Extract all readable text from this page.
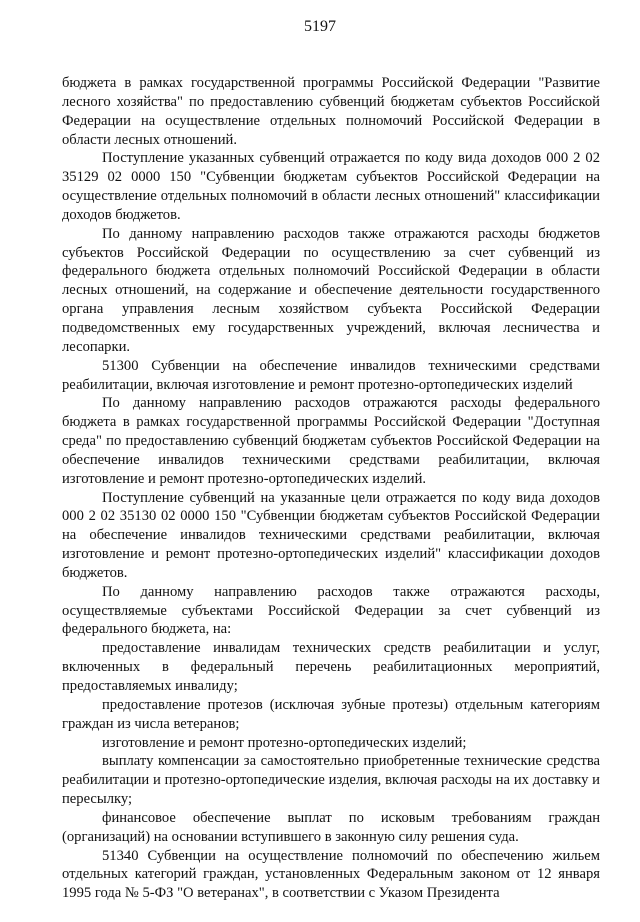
5197

бюджета в рамках государственной программы Российской Федерации "Развитие лесного хозяйства" по предоставлению субвенций бюджетам субъектов Российской Федерации на осуществление отдельных полномочий Российской Федерации в области лесных отношений.

Поступление указанных субвенций отражается по коду вида доходов 000 2 02 35129 02 0000 150 "Субвенции бюджетам субъектов Российской Федерации на осуществление отдельных полномочий в области лесных отношений" классификации доходов бюджетов.

По данному направлению расходов также отражаются расходы бюджетов субъектов Российской Федерации по осуществлению за счет субвенций из федерального бюджета отдельных полномочий Российской Федерации в области лесных отношений, на содержание и обеспечение деятельности государственного органа управления лесным хозяйством субъекта Российской Федерации подведомственных ему государственных учреждений, включая лесничества и лесопарки.

51300 Субвенции на обеспечение инвалидов техническими средствами реабилитации, включая изготовление и ремонт протезно-ортопедических изделий

По данному направлению расходов отражаются расходы федерального бюджета в рамках государственной программы Российской Федерации "Доступная среда" по предоставлению субвенций бюджетам субъектов Российской Федерации на обеспечение инвалидов техническими средствами реабилитации, включая изготовление и ремонт протезно-ортопедических изделий.

Поступление субвенций на указанные цели отражается по коду вида доходов 000 2 02 35130 02 0000 150 "Субвенции бюджетам субъектов Российской Федерации на обеспечение инвалидов техническими средствами реабилитации, включая изготовление и ремонт протезно-ортопедических изделий" классификации доходов бюджетов.

По данному направлению расходов также отражаются расходы, осуществляемые субъектами Российской Федерации за счет субвенций из федерального бюджета, на:

предоставление инвалидам технических средств реабилитации и услуг, включенных в федеральный перечень реабилитационных мероприятий, предоставляемых инвалиду;

предоставление протезов (исключая зубные протезы) отдельным категориям граждан из числа ветеранов;

изготовление и ремонт протезно-ортопедических изделий;

выплату компенсации за самостоятельно приобретенные технические средства реабилитации и протезно-ортопедические изделия, включая расходы на их доставку и пересылку;

финансовое обеспечение выплат по исковым требованиям граждан (организаций) на основании вступившего в законную силу решения суда.

51340 Субвенции на осуществление полномочий по обеспечению жильем отдельных категорий граждан, установленных Федеральным законом от 12 января 1995 года № 5-ФЗ "О ветеранах", в соответствии с Указом Президента
